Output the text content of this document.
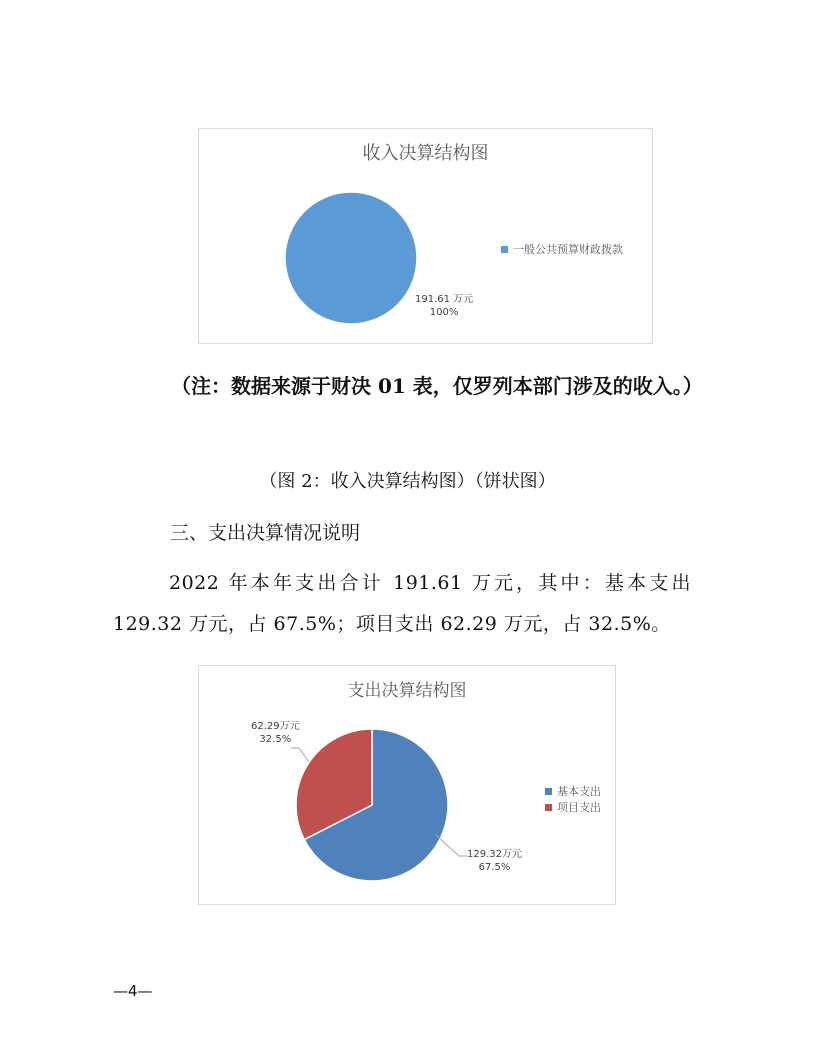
收入决算结构图
一般公共预算财政拨款
191.61 万元
100%
（注：数据来源于财决 01 表，仅罗列本部门涉及的收入。）
（图 2：收入决算结构图）（饼状图）
三、支出决算情况说明
2022 年本年支出合计 191.61 万元，其中：基本支出 129.32 万元，占 67.5%；项目支出 62.29 万元，占 32.5%。
支出决算结构图
基本支出
项目支出
129.32万元
67.5%
62.29万元
32.5%
—4—
